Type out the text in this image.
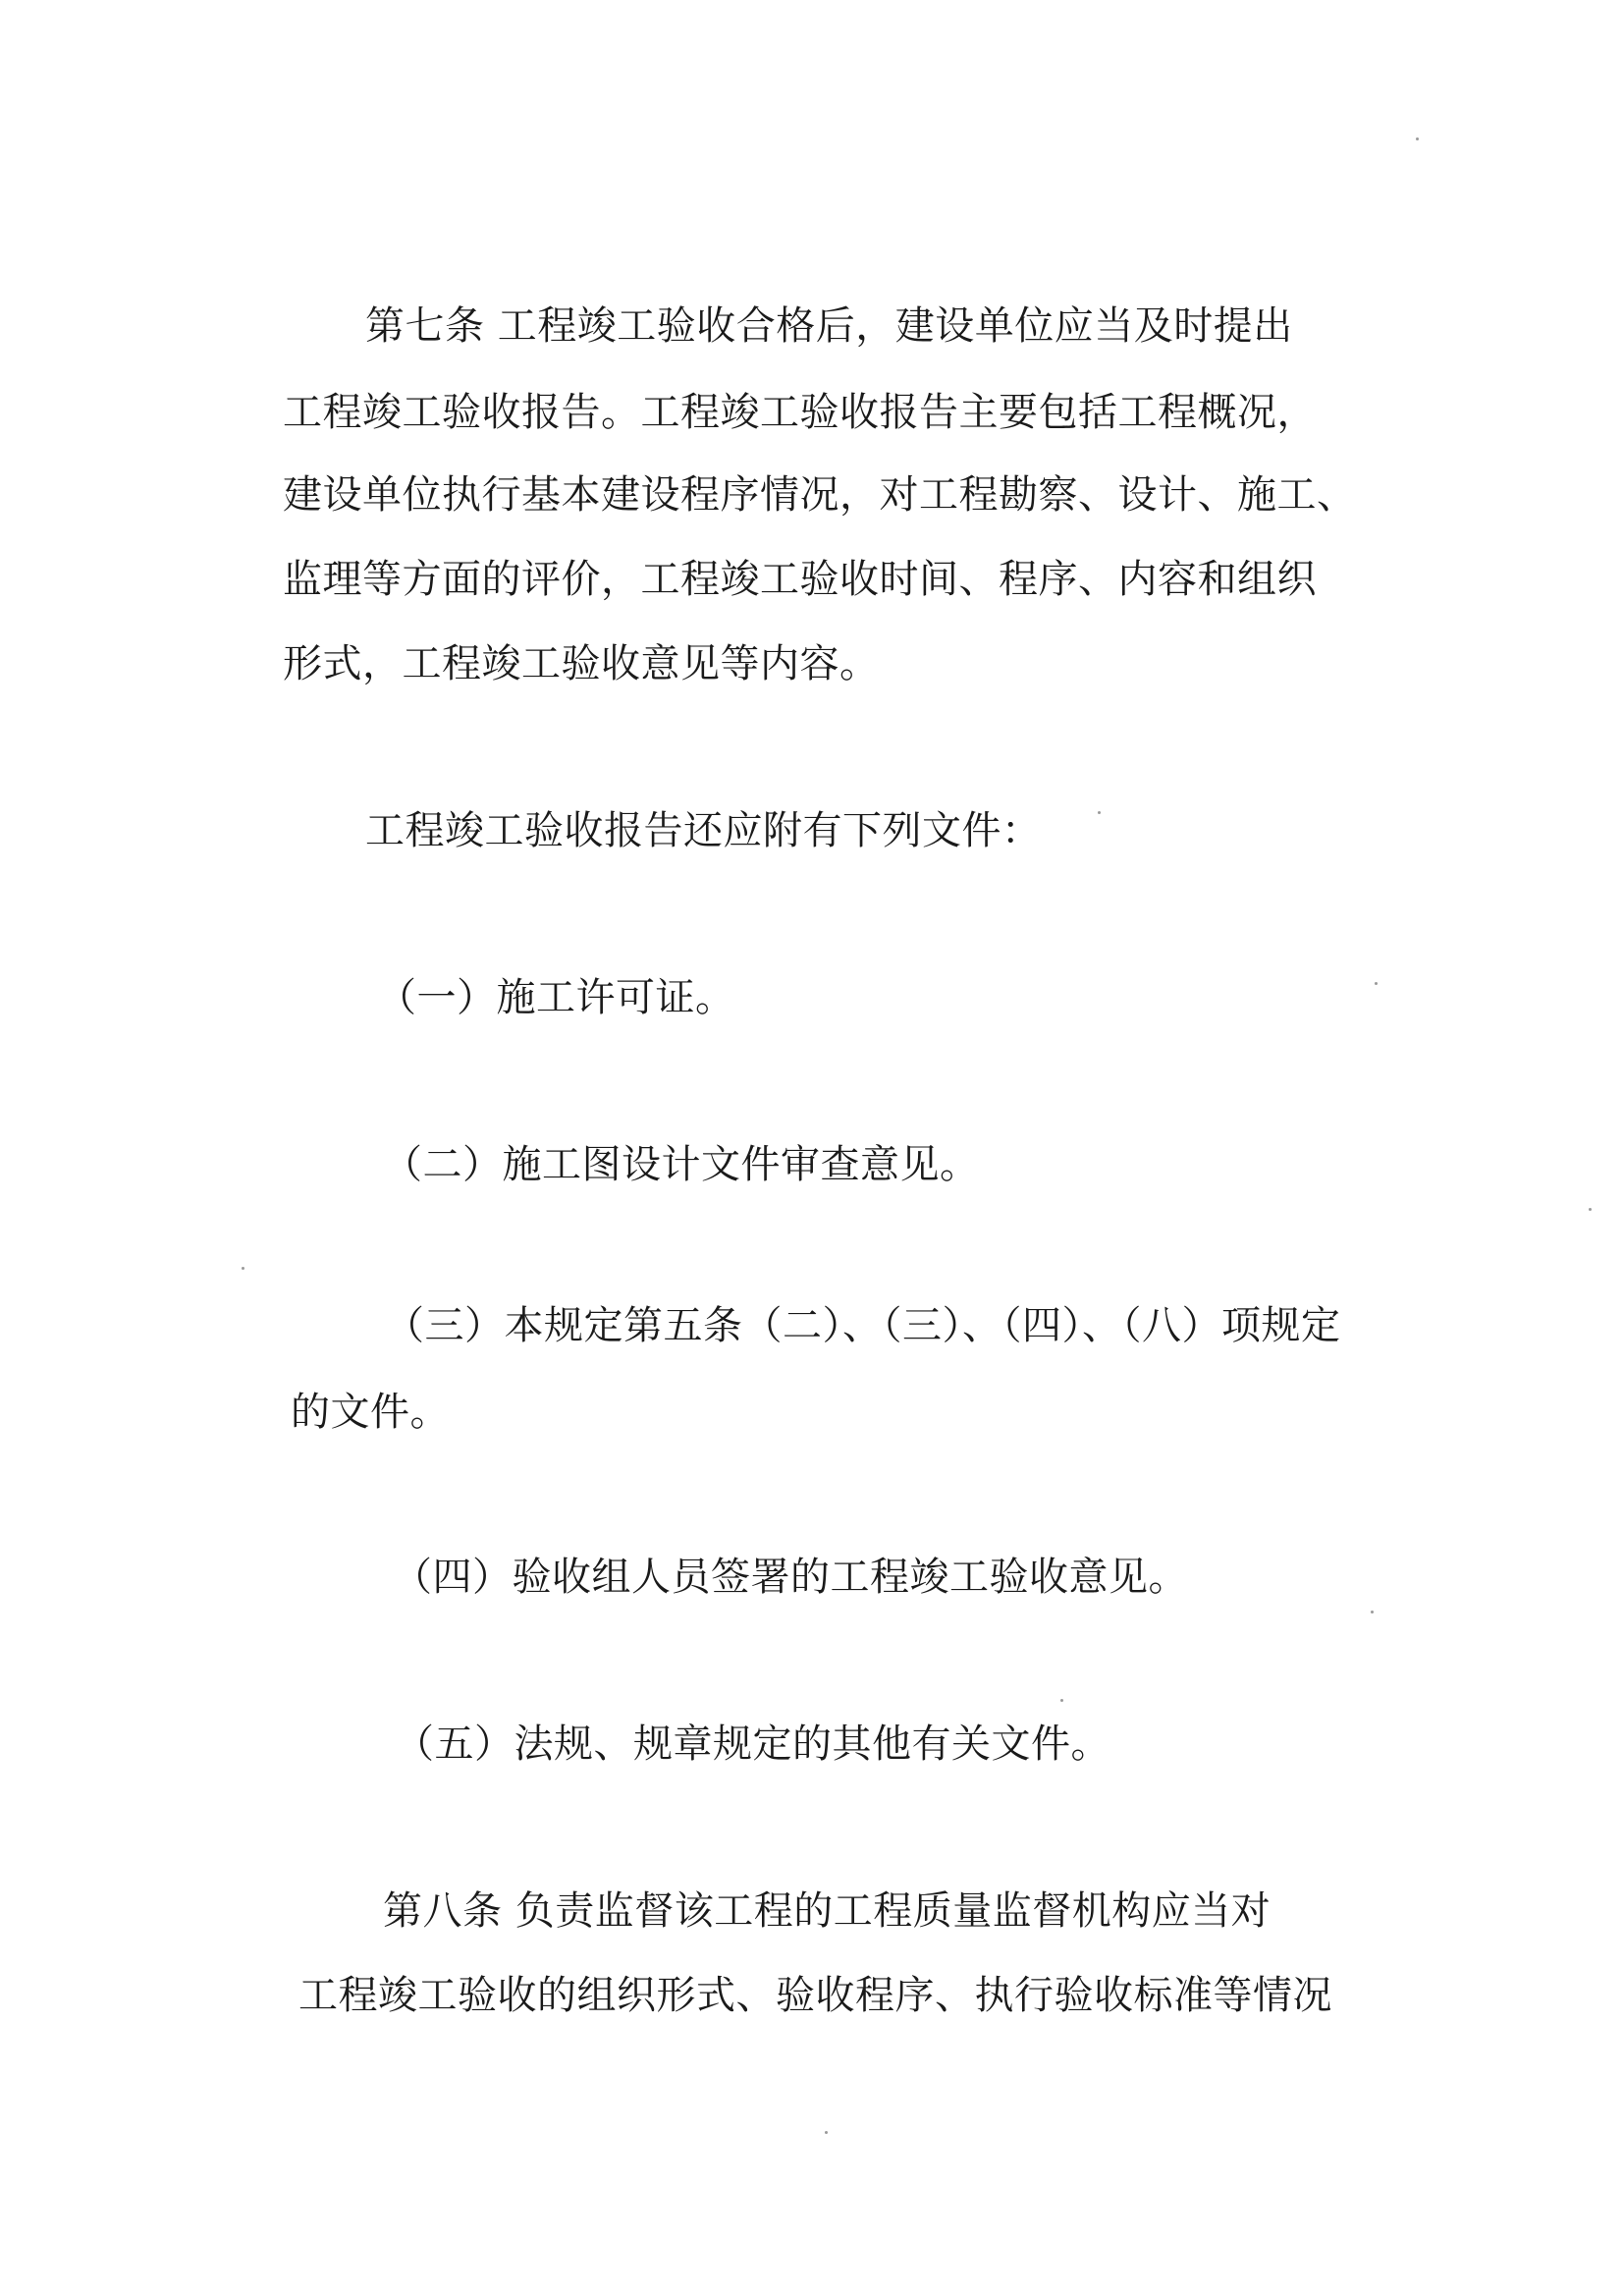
第七条 工程竣工验收合格后，建设单位应当及时提出
工程竣工验收报告。工程竣工验收报告主要包括工程概况，
建设单位执行基本建设程序情况，对工程勘察、设计、施工、
监理等方面的评价，工程竣工验收时间、程序、内容和组织
形式，工程竣工验收意见等内容。
工程竣工验收报告还应附有下列文件：
（一）施工许可证。
（二）施工图设计文件审查意见。
（三）本规定第五条（二）、（三）、（四）、（八）项规定
的文件。
（四）验收组人员签署的工程竣工验收意见。
（五）法规、规章规定的其他有关文件。
第八条 负责监督该工程的工程质量监督机构应当对
工程竣工验收的组织形式、验收程序、执行验收标准等情况
